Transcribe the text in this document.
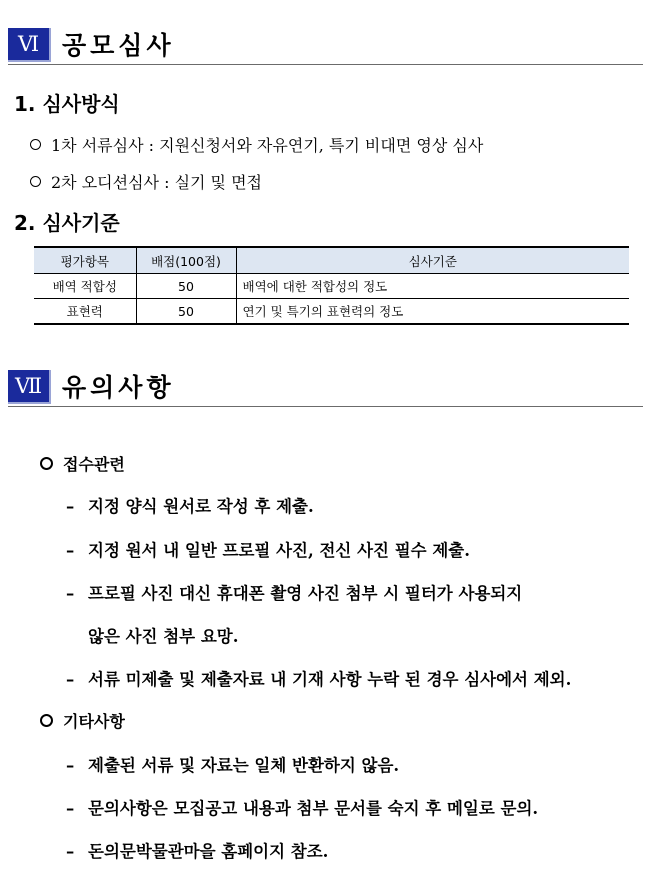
Ⅵ 공모심사
1. 심사방식
1차 서류심사 : 지원신청서와 자유연기, 특기 비대면 영상 심사
2차 오디션심사 : 실기 및 면접
2. 심사기준
평가항목	배점(100점)	심사기준
배역 적합성	50	배역에 대한 적합성의 정도
표현력	50	연기 및 특기의 표현력의 정도
Ⅶ 유의사항
접수관련
– 지정 양식 원서로 작성 후 제출.
– 지정 원서 내 일반 프로필 사진, 전신 사진 필수 제출.
– 프로필 사진 대신 휴대폰 촬영 사진 첨부 시 필터가 사용되지
않은 사진 첨부 요망.
– 서류 미제출 및 제출자료 내 기재 사항 누락 된 경우 심사에서 제외.
기타사항
– 제출된 서류 및 자료는 일체 반환하지 않음.
– 문의사항은 모집공고 내용과 첨부 문서를 숙지 후 메일로 문의.
– 돈의문박물관마을 홈페이지 참조.
